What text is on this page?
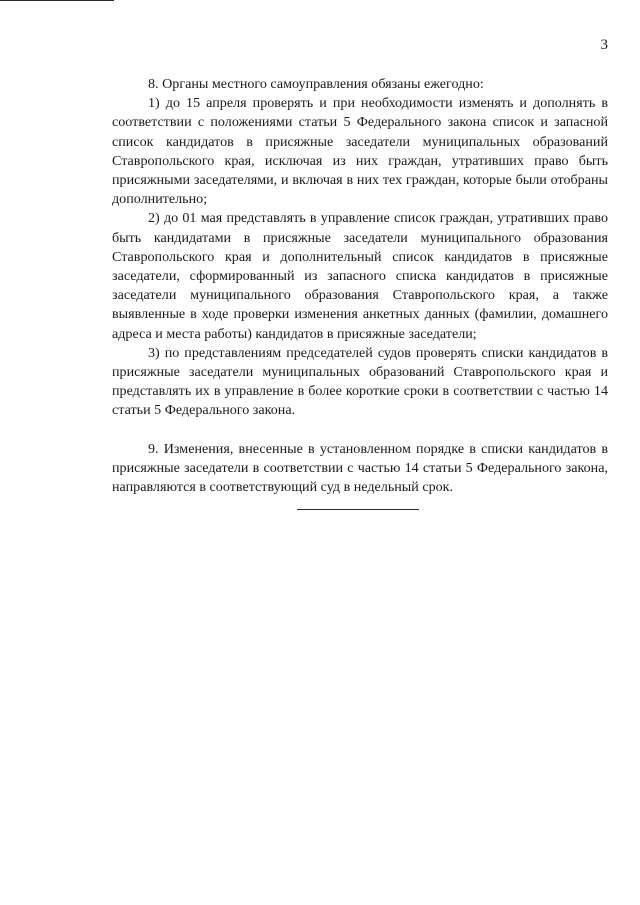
3

8. Органы местного самоуправления обязаны ежегодно:

1) до 15 апреля проверять и при необходимости изменять и дополнять в соответствии с положениями статьи 5 Федерального закона список и запасной список кандидатов в присяжные заседатели муниципальных образований Ставропольского края, исключая из них граждан, утративших право быть присяжными заседателями, и включая в них тех граждан, которые были отобраны дополнительно;

2) до 01 мая представлять в управление список граждан, утративших право быть кандидатами в присяжные заседатели муниципального образования Ставропольского края и дополнительный список кандидатов в присяжные заседатели, сформированный из запасного списка кандидатов в присяжные заседатели муниципального образования Ставропольского края, а также выявленные в ходе проверки изменения анкетных данных (фамилии, домашнего адреса и места работы) кандидатов в присяжные заседатели;

3) по представлениям председателей судов проверять списки кандидатов в присяжные заседатели муниципальных образований Ставропольского края и представлять их в управление в более короткие сроки в соответствии с частью 14 статьи 5 Федерального закона.

9. Изменения, внесенные в установленном порядке в списки кандидатов в присяжные заседатели в соответствии с частью 14 статьи 5 Федерального закона, направляются в соответствующий суд в недельный срок.
